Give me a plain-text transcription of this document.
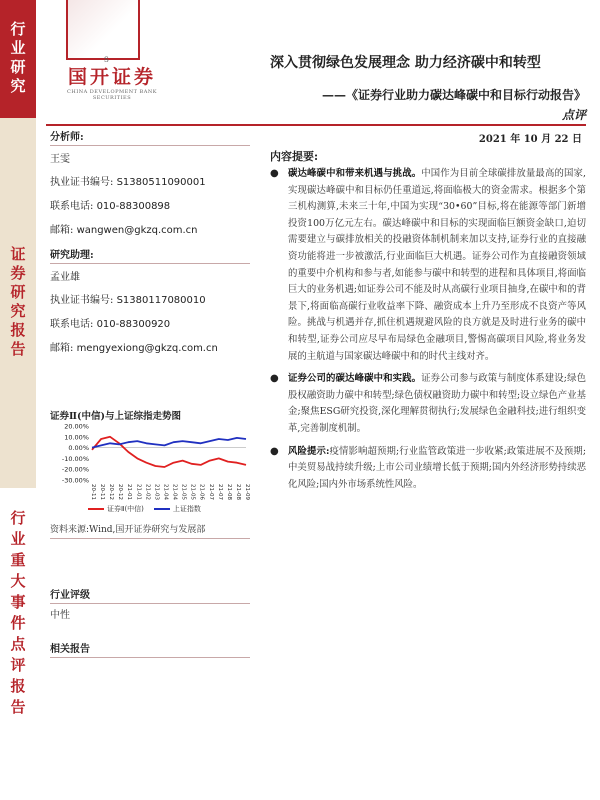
行业研究
证券研究报告
行业重大事件点评报告
S
国开证券
CHINA DEVELOPMENT BANK SECURITIES
深入贯彻绿色发展理念 助力经济碳中和转型
——《证券行业助力碳达峰碳中和目标行动报告》
点评
分析师:
王雯
执业证书编号: S1380511090001
联系电话: 010-88300898
邮箱: wangwen@gkzq.com.cn
研究助理:
孟业雄
执业证书编号: S1380117080010
联系电话: 010-88300920
邮箱: mengyexiong@gkzq.com.cn
2021 年 10 月 22 日
内容提要:
● 碳达峰碳中和带来机遇与挑战。中国作为目前全球碳排放量最高的国家,实现碳达峰碳中和目标仍任重道远,将面临极大的资金需求。根据多个第三机构测算,未来三十年,中国为实现“30•60”目标,将在能源等部门新增投资100万亿元左右。碳达峰碳中和目标的实现面临巨额资金缺口,迫切需要建立与碳排放相关的投融资体制机制来加以支持,证券行业的直接融资功能将进一步被激活,行业面临巨大机遇。证券公司作为直接融资领域的重要中介机构和参与者,如能参与碳中和转型的进程和具体项目,将面临巨大的业务机遇;如证券公司不能及时从高碳行业项目抽身,在碳中和的背景下,将面临高碳行业收益率下降、融资成本上升乃至形成不良资产等风险。挑战与机遇并存,抓住机遇规避风险的良方就是及时进行业务的碳中和转型,证券公司应尽早布局绿色金融项目,警惕高碳项目风险,将业务发展的主航道与国家碳达峰碳中和的时代主线对齐。
● 证券公司的碳达峰碳中和实践。证券公司参与政策与制度体系建设;绿色股权融资助力碳中和转型;绿色债权融资助力碳中和转型;设立绿色产业基金;聚焦ESG研究投资,深化理解贯彻执行;发展绿色金融科技;进行组织变革,完善制度机制。
● 风险提示:疫情影响超预期;行业监管政策进一步收紧;政策进展不及预期;中美贸易战持续升级;上市公司业绩增长低于预期;国内外经济形势持续恶化风险;国内外市场系统性风险。
证券Ⅱ(中信)与上证综指走势图
20.00%
10.00%
0.00%
-10.00%
-20.00%
-30.00%
20-11 20-11 20-12 20-12 21-01 21-01 21-02 21-03 21-04 21-04 21-05 21-05 21-06 21-07 21-07 21-08 21-08 21-09
证券Ⅱ(中信)	上证指数
资料来源:Wind,国开证券研究与发展部
行业评级
中性
相关报告
